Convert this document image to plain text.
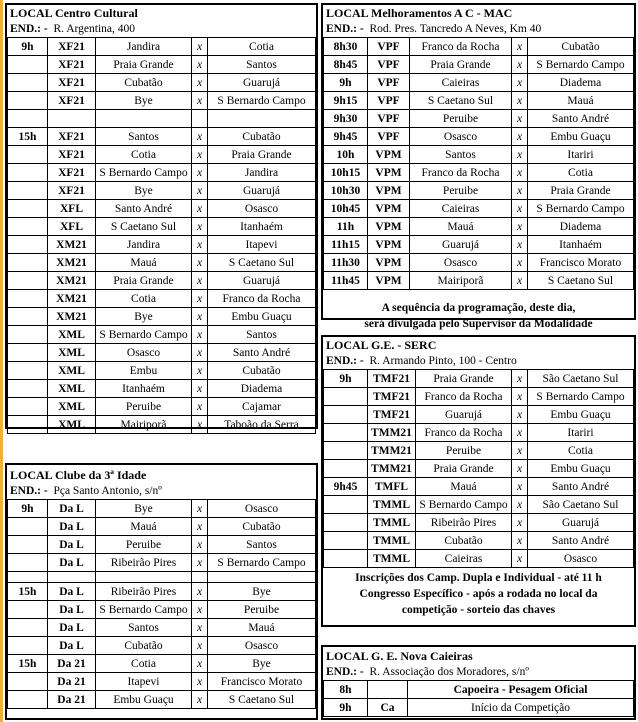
LOCAL Centro Cultural
END.: - R. Argentina, 400
9h	XF21	Jandira	x	Cotia
	XF21	Praia Grande	x	Santos
	XF21	Cubatão	x	Guarujá
	XF21	Bye	x	S Bernardo Campo

15h	XF21	Santos	x	Cubatão
	XF21	Cotia	x	Praia Grande
	XF21	S Bernardo Campo	x	Jandira
	XF21	Bye	x	Guarujá
	XFL	Santo André	x	Osasco
	XFL	S Caetano Sul	x	Itanhaém
	XM21	Jandira	x	Itapevi
	XM21	Mauá	x	S Caetano Sul
	XM21	Praia Grande	x	Guarujá
	XM21	Cotia	x	Franco da Rocha
	XM21	Bye	x	Embu Guaçu
	XML	S Bernardo Campo	x	Santos
	XML	Osasco	x	Santo André
	XML	Embu	x	Cubatão
	XML	Itanhaém	x	Diadema
	XML	Peruibe	x	Cajamar
	XML	Mairiporã	x	Taboão da Serra
LOCAL Melhoramentos A C - MAC
END.: - Rod. Pres. Tancredo A Neves, Km 40
8h30	VPF	Franco da Rocha	x	Cubatão
8h45	VPF	Praia Grande	x	S Bernardo Campo
9h	VPF	Caieiras	x	Diadema
9h15	VPF	S Caetano Sul	x	Mauá
9h30	VPF	Peruibe	x	Santo André
9h45	VPF	Osasco	x	Embu Guaçu
10h	VPM	Santos	x	Itariri
10h15	VPM	Franco da Rocha	x	Cotia
10h30	VPM	Peruibe	x	Praia Grande
10h45	VPM	Caieiras	x	S Bernardo Campo
11h	VPM	Mauá	x	Diadema
11h15	VPM	Guarujá	x	Itanhaém
11h30	VPM	Osasco	x	Francisco Morato
11h45	VPM	Mairiporã	x	S Caetano Sul
A sequência da programação, deste dia,
será divulgada pelo Supervisor da Modalidade
LOCAL G.E. - SERC
END.: - R. Armando Pinto, 100 - Centro
9h	TMF21	Praia Grande	x	São Caetano Sul
	TMF21	Franco da Rocha	x	S Bernardo Campo
	TMF21	Guarujá	x	Embu Guaçu
	TMM21	Franco da Rocha	x	Itariri
	TMM21	Peruibe	x	Cotia
	TMM21	Praia Grande	x	Embu Guaçu
9h45	TMFL	Mauá	x	Santo André
	TMML	S Bernardo Campo	x	São Caetano Sul
	TMML	Ribeirão Pires	x	Guarujá
	TMML	Cubatão	x	Santo André
	TMML	Caieiras	x	Osasco
Inscrições dos Camp. Dupla e Individual - até 11 h
Congresso Específico - após a rodada no local da
competição - sorteio das chaves
LOCAL Clube da 3ª Idade
END.: - Pça Santo Antonio, s/nº
9h	Da L	Bye	x	Osasco
	Da L	Mauá	x	Cubatão
	Da L	Peruibe	x	Santos
	Da L	Ribeirão Pires	x	S Bernardo Campo

15h	Da L	Ribeirão Pires	x	Bye
	Da L	S Bernardo Campo	x	Peruibe
	Da L	Santos	x	Mauá
	Da L	Cubatão	x	Osasco
15h	Da 21	Cotia	x	Bye
	Da 21	Itapevi	x	Francisco Morato
	Da 21	Embu Guaçu	x	S Caetano Sul
LOCAL G. E. Nova Caieiras
END.: - R. Associação dos Moradores, s/nº
8h		Capoeira - Pesagem Oficial
9h	Ca	Início da Competição
